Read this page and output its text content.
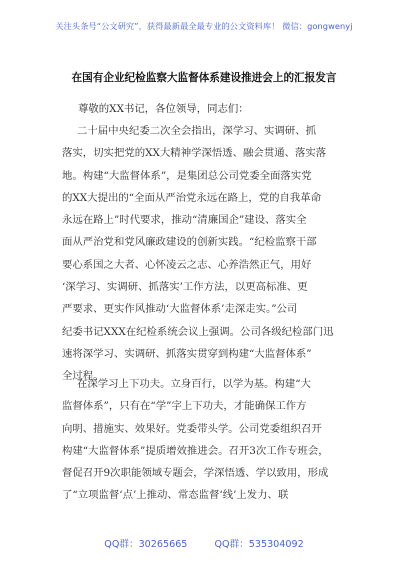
关注头条号“公文研究”，获得最新最全最专业的公文资料库！ 微信：gongwenyj
在国有企业纪检监察大监督体系建设推进会上的汇报发言
尊敬的XX书记，各位领导，同志们：
二十届中央纪委二次全会指出，深学习、实调研、抓
落实，切实把党的XX大精神学深悟透、融会贯通、落实落
地。构建“大监督体系”，是集团总公司党委全面落实党
的XX大提出的“全面从严治党永远在路上，党的自我革命
永远在路上”时代要求，推动“清廉国企”建设、落实全
面从严治党和党风廉政建设的创新实践。“纪检监察干部
要心系国之大者、心怀凌云之志、心养浩然正气，用好
‘深学习、实调研、抓落实’工作方法，以更高标准、更
严要求、更实作风推动‘大监督体系’走深走实。”公司
纪委书记XXX在纪检系统会议上强调。公司各级纪检部门迅
速将深学习、实调研、抓落实贯穿到构建“大监督体系”
全过程。
在深学习上下功夫。立身百行，以学为基。构建“大
监督体系”，只有在“学”字上下功夫，才能确保工作方
向明、措施实、效果好。党委带头学。公司党委组织召开
构建“大监督体系”提质增效推进会。召开3次工作专班会，
督促召开9次职能领域专题会，学深悟透、学以致用，形成
了“立项监督‘点’上推动、常态监督‘线’上发力、联
QQ群：30265665	QQ群：535304092
